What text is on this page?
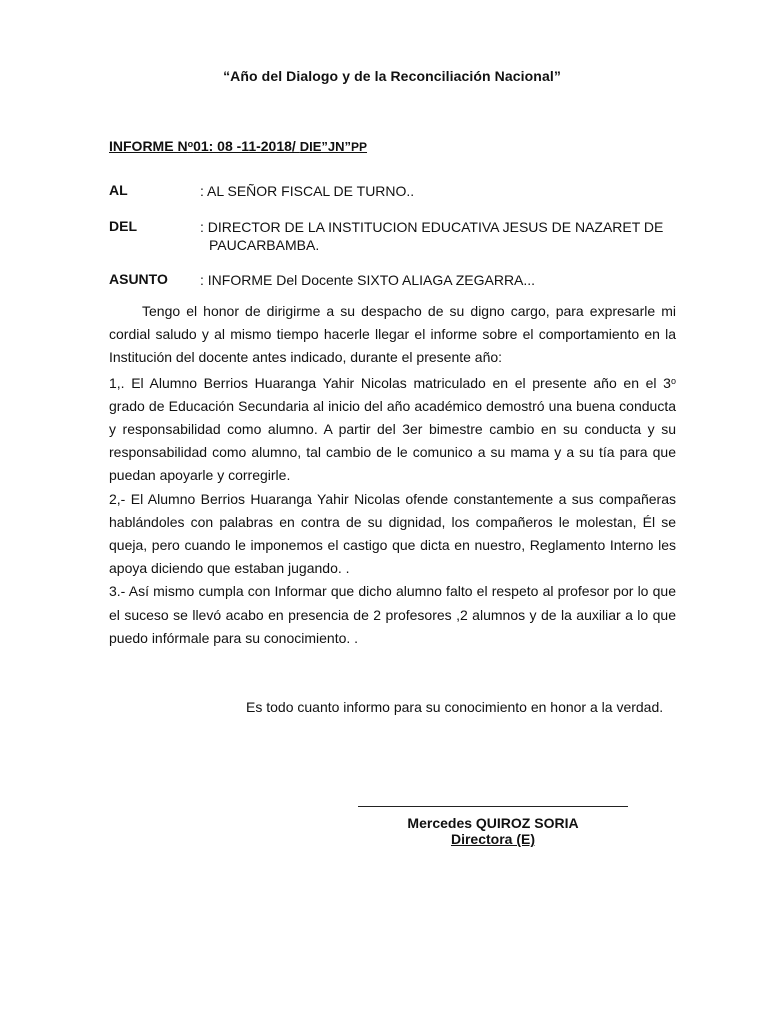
“Año del Dialogo y de la Reconciliación Nacional”
INFORME $N^o01$: 08 -11-2018/ DIE”JN”PP
AL	: AL SEÑOR FISCAL DE TURNO..
DEL	: DIRECTOR DE LA INSTITUCION EDUCATIVA JESUS DE NAZARET DE
PAUCARBAMBA.
ASUNTO : INFORME Del Docente SIXTO ALIAGA ZEGARRA...

Tengo el honor de dirigirme a su despacho de su digno cargo, para expresarle mi cordial saludo y al mismo tiempo hacerle llegar el informe sobre el comportamiento en la Institución del docente antes indicado, durante el presente año:

1,. El Alumno Berrios Huaranga Yahir Nicolas matriculado en el presente año en el 3$^o$ grado de Educación Secundaria al inicio del año académico demostró una buena conducta y responsabilidad como alumno. A partir del 3er bimestre cambio en su conducta y su responsabilidad como alumno, tal cambio de le comunico a su mama y a su tía para que puedan apoyarle y corregirle.

2,- El Alumno Berrios Huaranga Yahir Nicolas ofende constantemente a sus compañeras hablándoles con palabras en contra de su dignidad, los compañeros le molestan, Él se queja, pero cuando le imponemos el castigo que dicta en nuestro, Reglamento Interno les apoya diciendo que estaban jugando. .

3.- Así mismo cumpla con Informar que dicho alumno falto el respeto al profesor por lo que el suceso se llevó acabo en presencia de 2 profesores ,2 alumnos y de la auxiliar a lo que puedo infórmale para su conocimiento. .

Es todo cuanto informo para su conocimiento en honor a la verdad.
Mercedes QUIROZ SORIA
Directora (E)
